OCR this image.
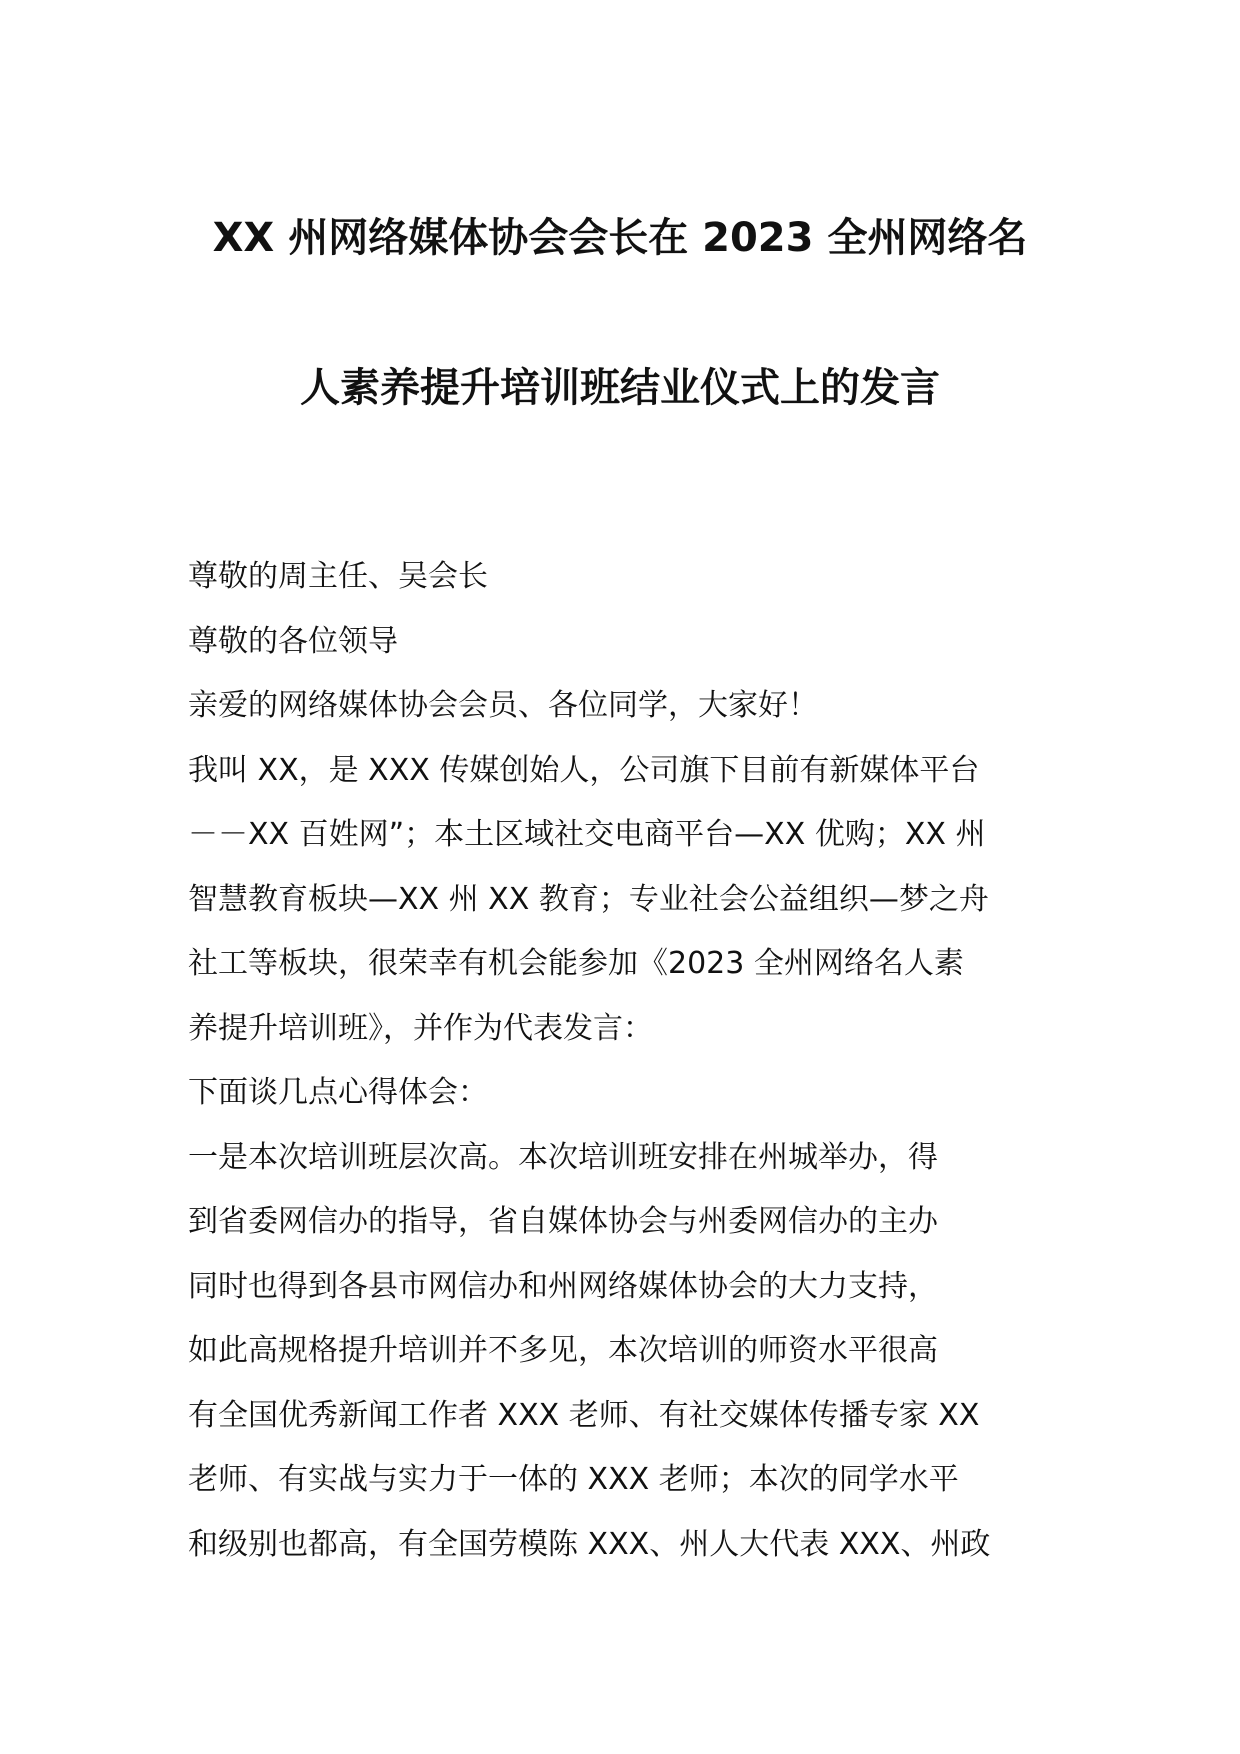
XX 州网络媒体协会会长在 2023 全州网络名
人素养提升培训班结业仪式上的发言
尊敬的周主任、吴会长
尊敬的各位领导
亲爱的网络媒体协会会员、各位同学，大家好！
我叫 XX，是 XXX 传媒创始人，公司旗下目前有新媒体平台
－－XX 百姓网”；本土区域社交电商平台—XX 优购；XX 州
智慧教育板块—XX 州 XX 教育；专业社会公益组织—梦之舟
社工等板块，很荣幸有机会能参加《2023 全州网络名人素
养提升培训班》，并作为代表发言：
下面谈几点心得体会：
一是本次培训班层次高。本次培训班安排在州城举办，得
到省委网信办的指导，省自媒体协会与州委网信办的主办
同时也得到各县市网信办和州网络媒体协会的大力支持，
如此高规格提升培训并不多见，本次培训的师资水平很高
有全国优秀新闻工作者 XXX 老师、有社交媒体传播专家 XX
老师、有实战与实力于一体的 XXX 老师；本次的同学水平
和级别也都高，有全国劳模陈 XXX、州人大代表 XXX、州政
